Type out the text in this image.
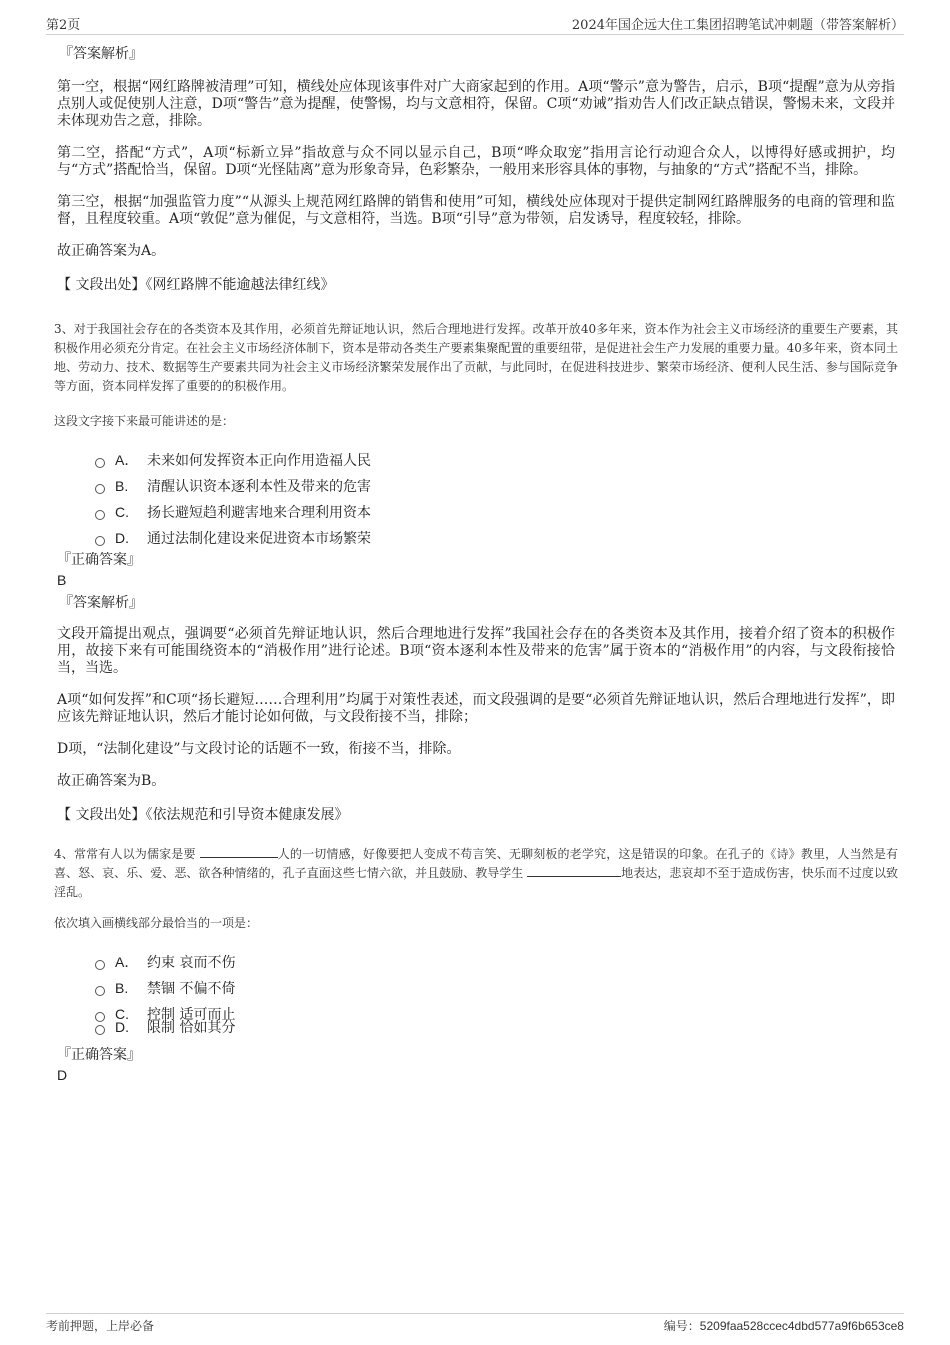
第2页	2024年国企远大住工集团招聘笔试冲刺题（带答案解析）
『答案解析』

第一空，根据“网红路牌被清理”可知，横线处应体现该事件对广大商家起到的作用。A项“警示”意为警告，启示，B项“提醒”意为从旁指点别人或促使别人注意，D项“警告”意为提醒，使警惕，均与文意相符，保留。C项“劝诫”指劝告人们改正缺点错误，警惕未来，文段并未体现劝告之意，排除。

第二空，搭配“方式”，A项“标新立异”指故意与众不同以显示自己，B项“哗众取宠”指用言论行动迎合众人，以博得好感或拥护，均与“方式”搭配恰当，保留。D项“光怪陆离”意为形象奇异，色彩繁杂，一般用来形容具体的事物，与抽象的“方式”搭配不当，排除。

第三空，根据“加强监管力度”“从源头上规范网红路牌的销售和使用”可知，横线处应体现对于提供定制网红路牌服务的电商的管理和监督，且程度较重。A项“敦促”意为催促，与文意相符，当选。B项“引导”意为带领，启发诱导，程度较轻，排除。

故正确答案为A。

【 文段出处】《网红路牌不能逾越法律红线》

3、对于我国社会存在的各类资本及其作用，必须首先辩证地认识，然后合理地进行发挥。改革开放40多年来，资本作为社会主义市场经济的重要生产要素，其积极作用必须充分肯定。在社会主义市场经济体制下，资本是带动各类生产要素集聚配置的重要纽带，是促进社会生产力发展的重要力量。40多年来，资本同土地、劳动力、技术、数据等生产要素共同为社会主义市场经济繁荣发展作出了贡献，与此同时，在促进科技进步、繁荣市场经济、便利人民生活、参与国际竞争等方面，资本同样发挥了重要的的积极作用。

这段文字接下来最可能讲述的是：
A． 未来如何发挥资本正向作用造福人民
B. 清醒认识资本逐利本性及带来的危害
C. 扬长避短趋利避害地来合理利用资本
D. 通过法制化建设来促进资本市场繁荣
『正确答案』
B
『答案解析』

文段开篇提出观点，强调要“必须首先辩证地认识，然后合理地进行发挥”我国社会存在的各类资本及其作用，接着介绍了资本的积极作用，故接下来有可能围绕资本的“消极作用”进行论述。B项“资本逐利本性及带来的危害”属于资本的“消极作用”的内容，与文段衔接恰当，当选。

A项“如何发挥”和C项“扬长避短……合理利用”均属于对策性表述，而文段强调的是要“必须首先辩证地认识，然后合理地进行发挥”，即应该先辩证地认识，然后才能讨论如何做，与文段衔接不当，排除；

D项，“法制化建设”与文段讨论的话题不一致，衔接不当，排除。

故正确答案为B。

【 文段出处】《依法规范和引导资本健康发展》

4、常常有人以为儒家是要	人的一切情感，好像要把人变成不苟言笑、无聊刻板的老学究，这是错误的印象。在孔子的《诗》教里，人当然是有喜、怒、哀、乐、爱、恶、欲各种情绪的，孔子直面这些七情六欲，并且鼓励、教导学生	地表达，悲哀却不至于造成伤害，快乐而不过度以致淫乱。

依次填入画横线部分最恰当的一项是：
A． 约束 哀而不伤
B. 禁锢 不偏不倚
C. 控制 适可而止
D. 限制 恰如其分
『正确答案』
D
考前押题，上岸必备	编号：5209faa528ccec4dbd577a9f6b653ce8
